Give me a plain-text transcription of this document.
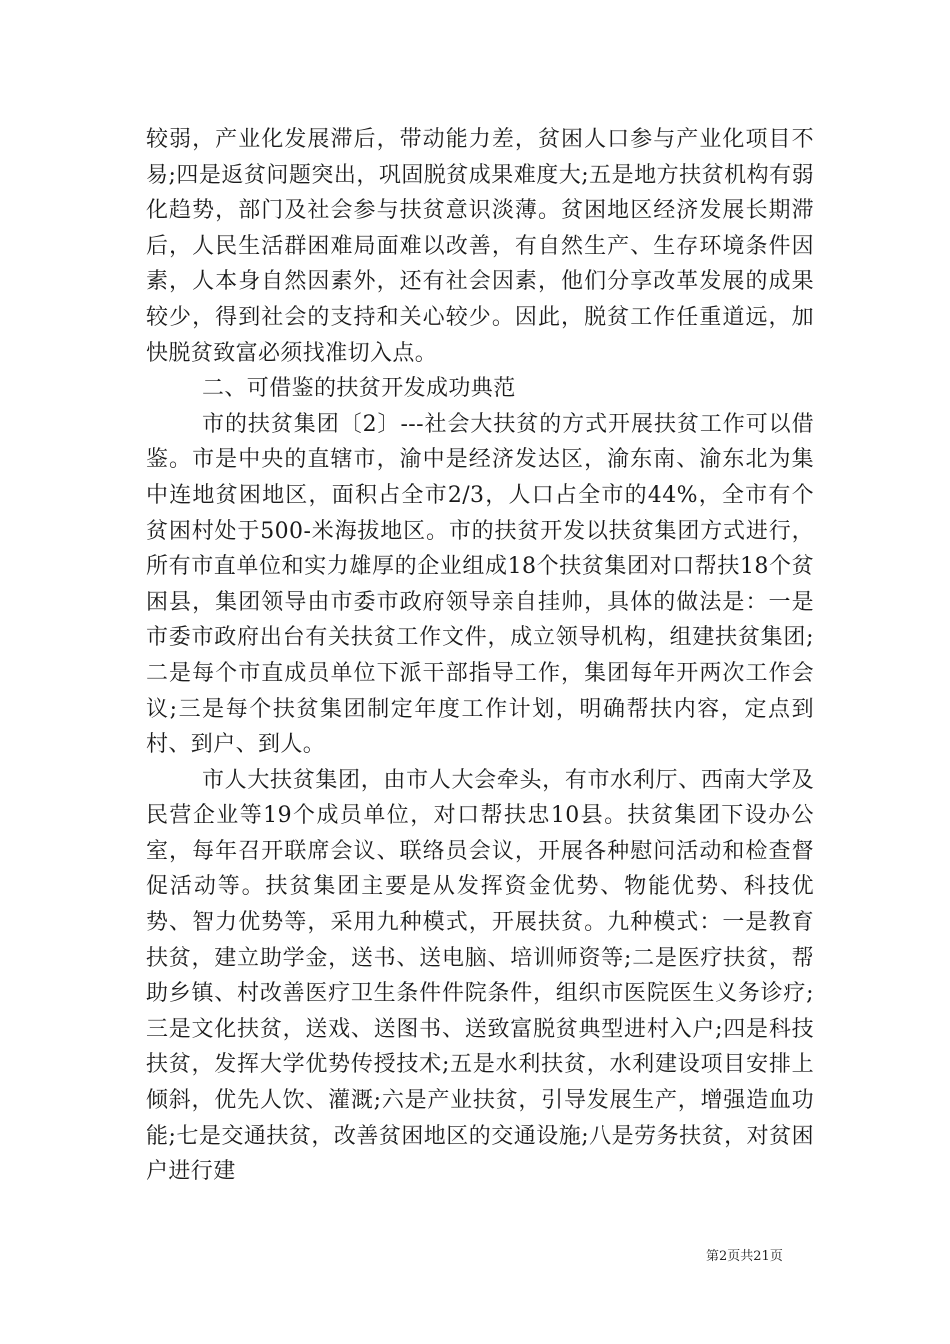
较弱，产业化发展滞后，带动能力差，贫困人口参与产业化项目不易;四是返贫问题突出，巩固脱贫成果难度大;五是地方扶贫机构有弱化趋势，部门及社会参与扶贫意识淡薄。贫困地区经济发展长期滞后，人民生活群困难局面难以改善，有自然生产、生存环境条件因素，人本身自然因素外，还有社会因素，他们分享改革发展的成果较少，得到社会的支持和关心较少。因此，脱贫工作任重道远，加快脱贫致富必须找准切入点。

二、可借鉴的扶贫开发成功典范

市的扶贫集团〔2〕---社会大扶贫的方式开展扶贫工作可以借鉴。市是中央的直辖市，渝中是经济发达区，渝东南、渝东北为集中连地贫困地区，面积占全市2/3，人口占全市的44%，全市有个贫困村处于500-米海拔地区。市的扶贫开发以扶贫集团方式进行，所有市直单位和实力雄厚的企业组成18个扶贫集团对口帮扶18个贫困县，集团领导由市委市政府领导亲自挂帅，具体的做法是：一是市委市政府出台有关扶贫工作文件，成立领导机构，组建扶贫集团;二是每个市直成员单位下派干部指导工作，集团每年开两次工作会议;三是每个扶贫集团制定年度工作计划，明确帮扶内容，定点到村、到户、到人。

市人大扶贫集团，由市人大会牵头，有市水利厅、西南大学及民营企业等19个成员单位，对口帮扶忠10县。扶贫集团下设办公室，每年召开联席会议、联络员会议，开展各种慰问活动和检查督促活动等。扶贫集团主要是从发挥资金优势、物能优势、科技优势、智力优势等，采用九种模式，开展扶贫。九种模式：一是教育扶贫，建立助学金，送书、送电脑、培训师资等;二是医疗扶贫，帮助乡镇、村改善医疗卫生条件件院条件，组织市医院医生义务诊疗;三是文化扶贫，送戏、送图书、送致富脱贫典型进村入户;四是科技扶贫，发挥大学优势传授技术;五是水利扶贫，水利建设项目安排上倾斜，优先人饮、灌溉;六是产业扶贫，引导发展生产，增强造血功能;七是交通扶贫，改善贫困地区的交通设施;八是劳务扶贫，对贫困户进行建

第2页共21页
